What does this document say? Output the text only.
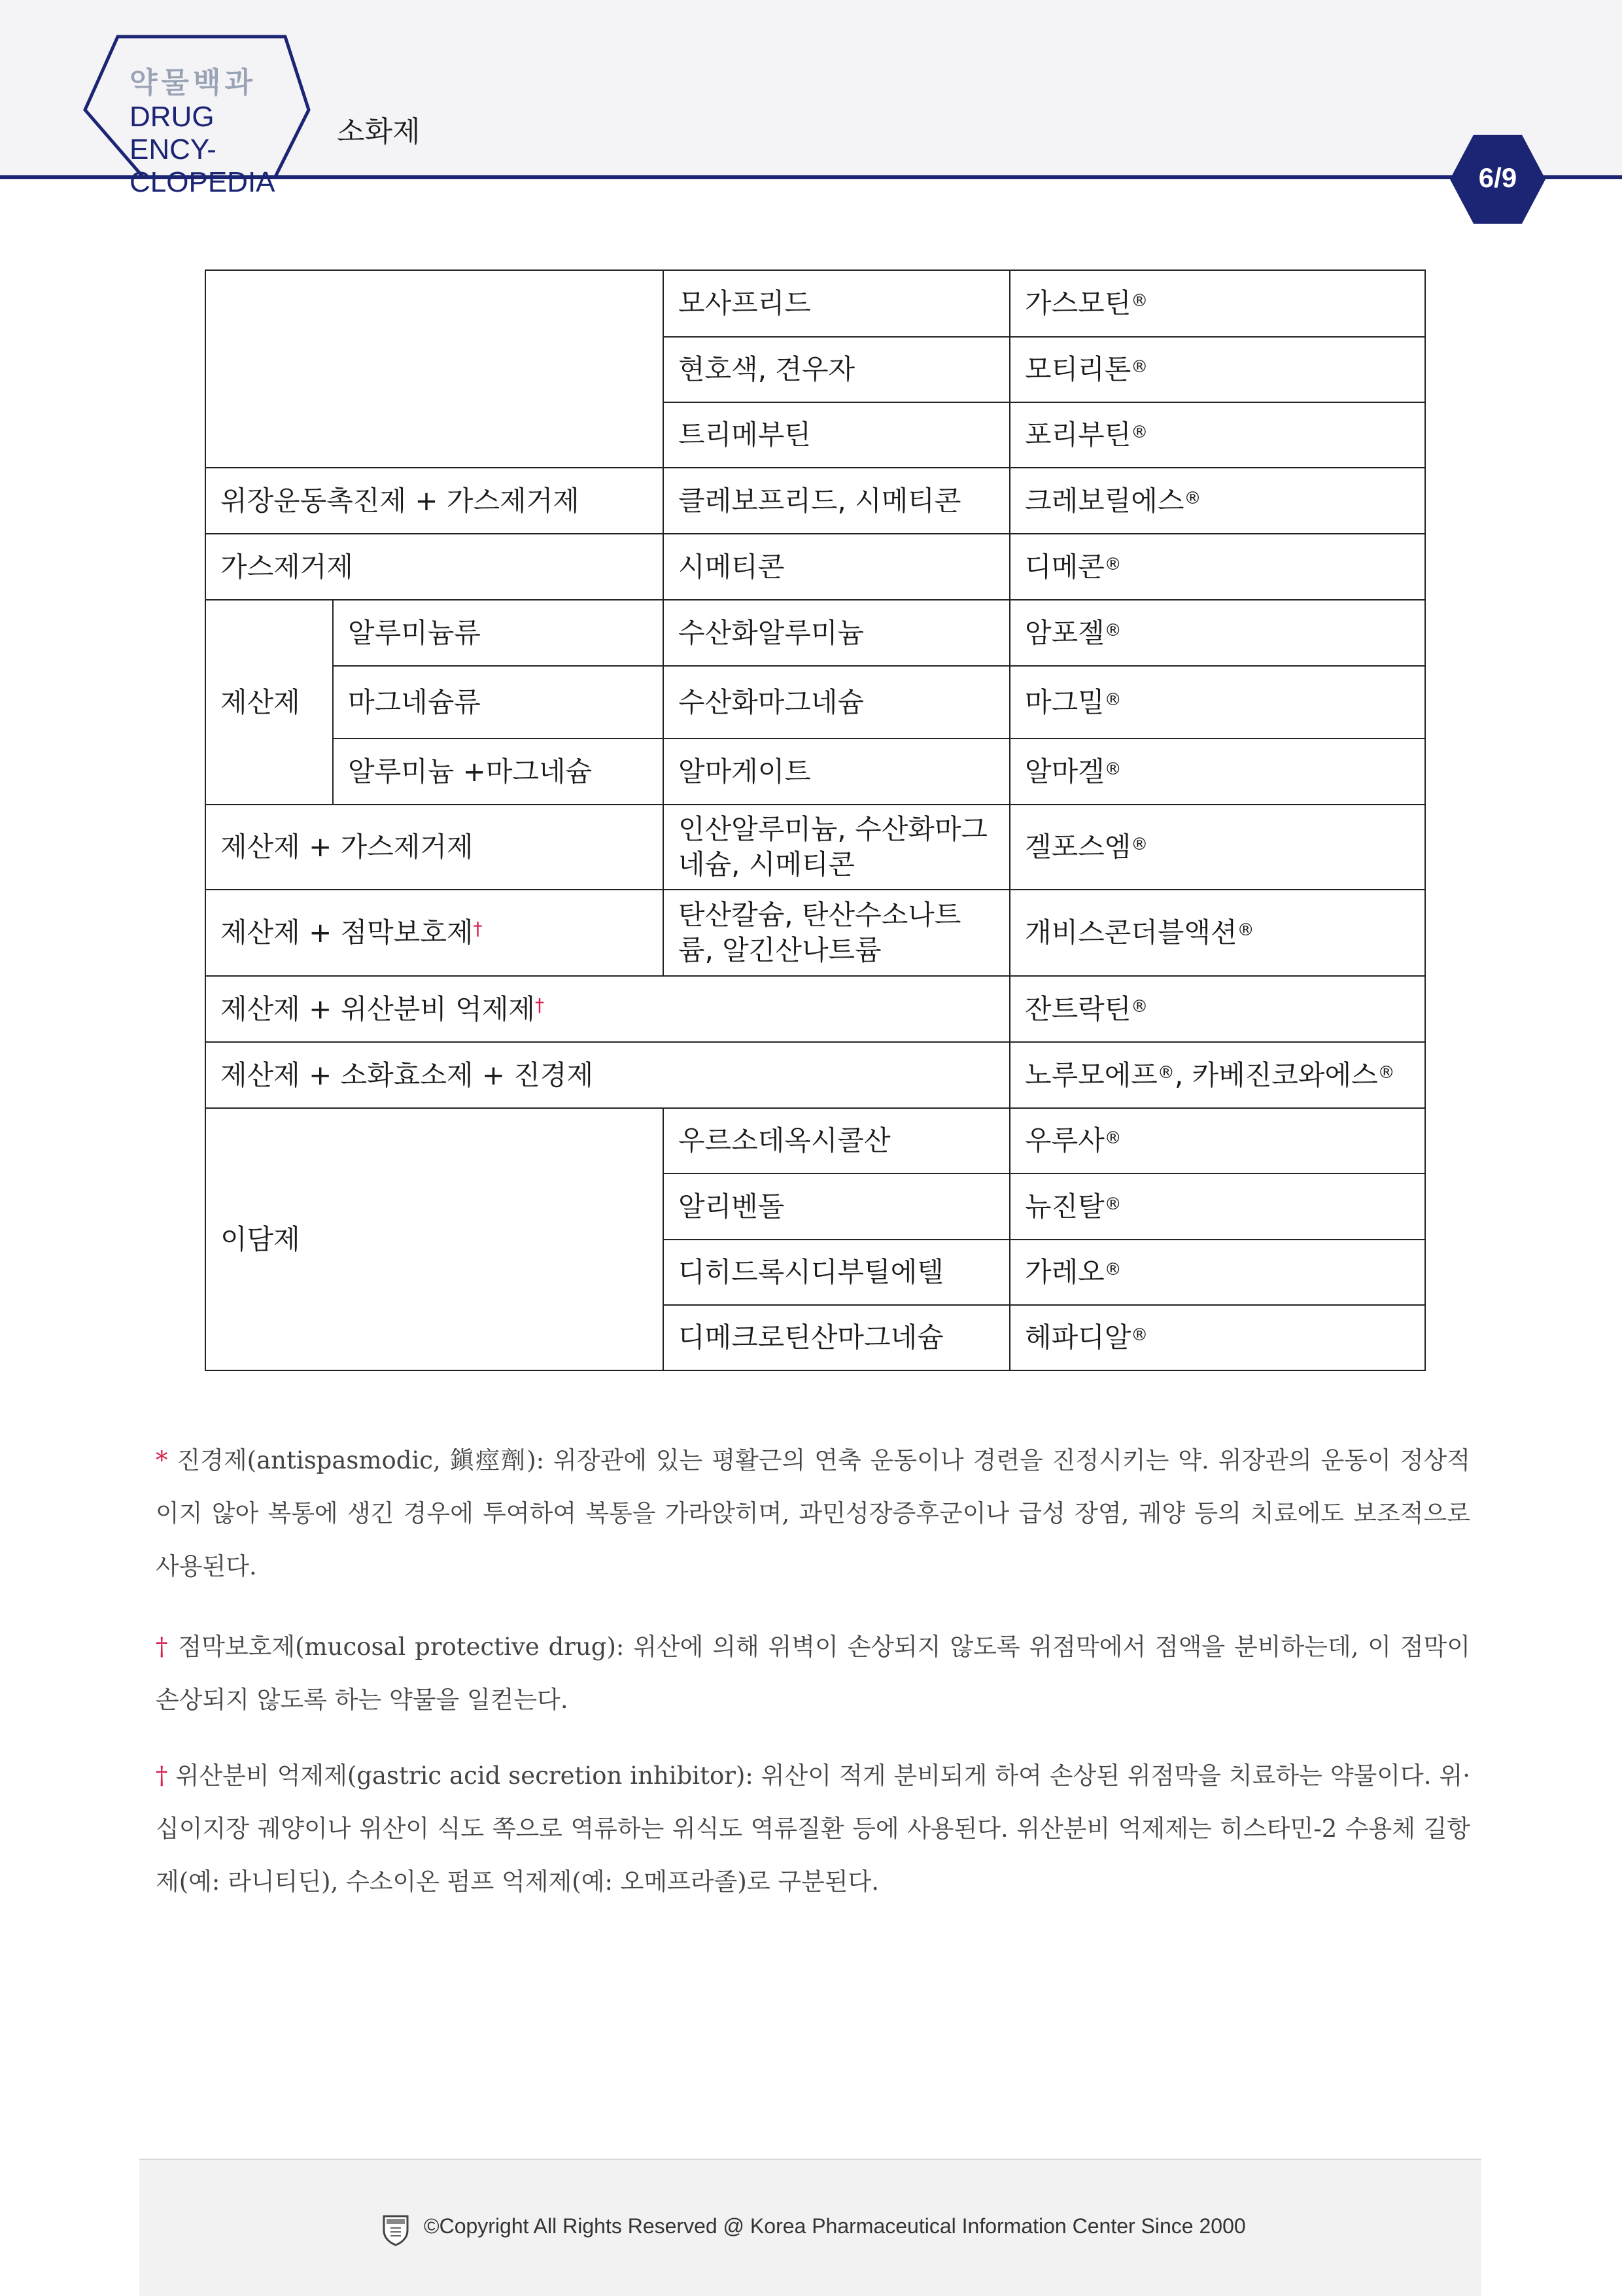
약물백과
DRUG ENCY-
CLOPEDIA
소화제
6/9
		모사프리드	가스모틴®
		현호색, 견우자	모티리톤®
		트리메부틴	포리부틴®
위장운동촉진제 + 가스제거제		클레보프리드, 시메티콘	크레보릴에스®
가스제거제		시메티콘	디메콘®
제산제	알루미늄류	수산화알루미늄	암포젤®
	마그네슘류	수산화마그네슘	마그밀®
	알루미늄 +마그네슘	알마게이트	알마겔®
제산제 + 가스제거제		인산알루미늄, 수산화마그네슘, 시메티콘	겔포스엠®
제산제 + 점막보호제†		탄산칼슘, 탄산수소나트륨, 알긴산나트륨	개비스콘더블액션®
제산제 + 위산분비 억제제†			잔트락틴®
제산제 + 소화효소제 + 진경제			노루모에프®, 카베진코와에스®
이담제		우르소데옥시콜산	우루사®
		알리벤돌	뉴진탈®
		디히드록시디부틸에텔	가레오®
		디메크로틴산마그네슘	헤파디알®
* 진경제(antispasmodic, 鎭痙劑): 위장관에 있는 평활근의 연축 운동이나 경련을 진정시키는 약. 위장관의 운동이 정상적이지 않아 복통에 생긴 경우에 투여하여 복통을 가라앉히며, 과민성장증후군이나 급성 장염, 궤양 등의 치료에도 보조적으로 사용된다.
† 점막보호제(mucosal protective drug): 위산에 의해 위벽이 손상되지 않도록 위점막에서 점액을 분비하는데, 이 점막이 손상되지 않도록 하는 약물을 일컫는다.
† 위산분비 억제제(gastric acid secretion inhibitor): 위산이 적게 분비되게 하여 손상된 위점막을 치료하는 약물이다. 위·십이지장 궤양이나 위산이 식도 쪽으로 역류하는 위식도 역류질환 등에 사용된다. 위산분비 억제제는 히스타민-2 수용체 길항제(예: 라니티딘), 수소이온 펌프 억제제(예: 오메프라졸)로 구분된다.
©Copyright All Rights Reserved @ Korea Pharmaceutical Information Center Since 2000
